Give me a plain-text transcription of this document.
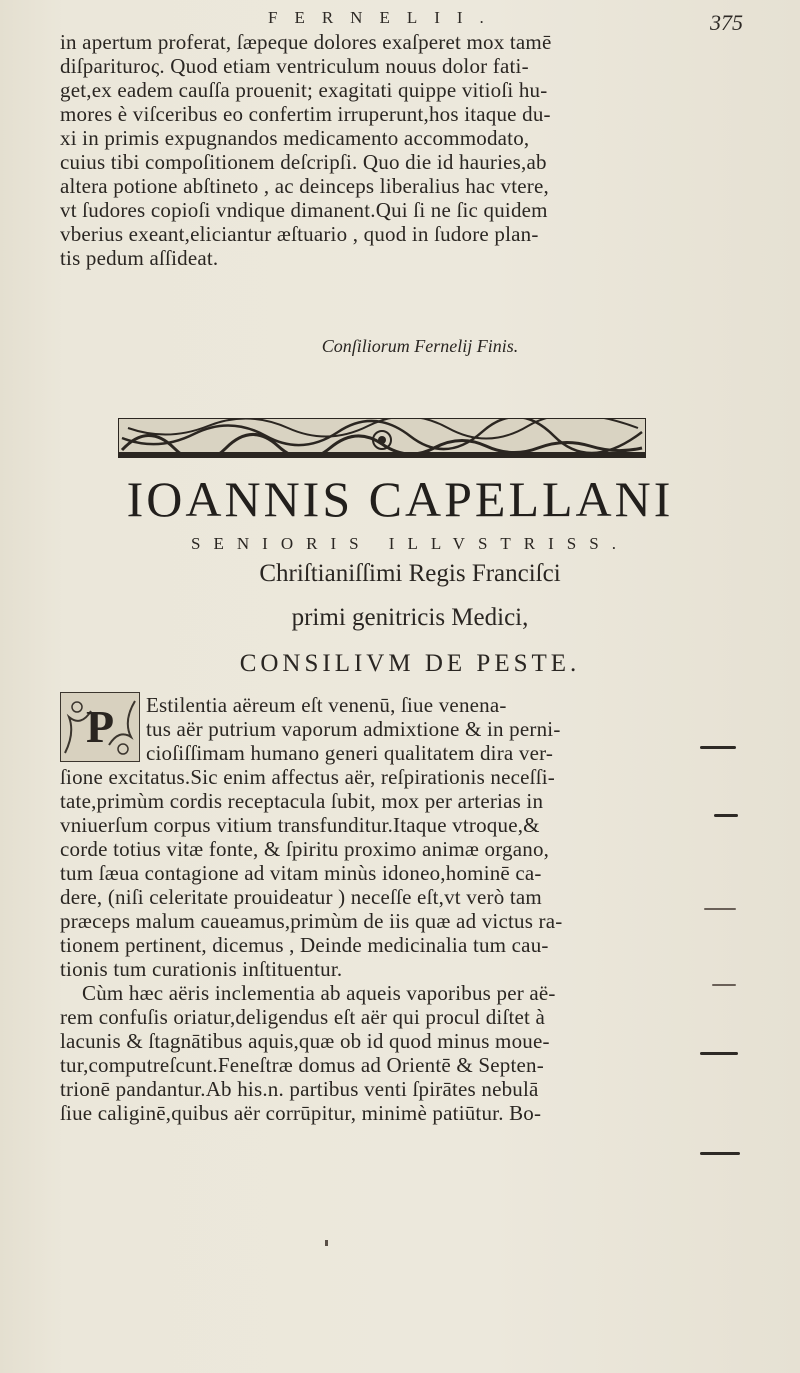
FERNELII.	375
in apertum proferat, ſæpeque dolores exaſperet mox tamē
diſpariturος. Quod etiam ventriculum nouus dolor fati-
get,ex eadem cauſſa prouenit; exagitati quippe vitioſi hu-
mores è viſceribus eo confertim irruperunt,hos itaque du-
xi in primis expugnandos medicamento accommodato,
cuius tibi compoſitionem deſcripſi. Quo die id hauries,ab
altera potione abſtineto , ac deinceps liberalius hac vtere,
vt ſudores copioſi vndique dimanent.Qui ſi ne ſic quidem
vberius exeant,eliciantur æſtuario , quod in ſudore plan-
tis pedum aſſideat.
Conſiliorum Fernelij Finis.
IOANNIS CAPELLANI
SENIORIS ILLVSTRISS.
Chriſtianiſſimi Regis Franciſci
primi genitricis Medici,
CONSILIVM DE PESTE.
P	Estilentia aëreum eſt venenū, ſiue venena-
tus aër putrium vaporum admixtione & in perni-
cioſiſſimam humano generi qualitatem dira ver-
ſione excitatus.Sic enim affectus aër, reſpirationis neceſſi-
tate,primùm cordis receptacula ſubit, mox per arterias in
vniuerſum corpus vitium transfunditur.Itaque vtroque,&
corde totius vitæ fonte, & ſpiritu proximo animæ organo,
tum ſæua contagione ad vitam minùs idoneo,hominē ca-
dere, (niſi celeritate prouideatur ) neceſſe eſt,vt verò tam
præceps malum caueamus,primùm de iis quæ ad victus ra-
tionem pertinent, dicemus , Deinde medicinalia tum cau-
tionis tum curationis inſtituentur.
Cùm hæc aëris inclementia ab aqueis vaporibus per aë-
rem confuſis oriatur,deligendus eſt aër qui procul diſtet à
lacunis & ſtagnātibus aquis,quæ ob id quod minus moue-
tur,computreſcunt.Feneſtræ domus ad Orientē & Septen-
trionē pandantur.Ab his.n. partibus venti ſpirātes nebulā
ſiue caliginē,quibus aër corrūpitur, minimè patiūtur. Bo-
